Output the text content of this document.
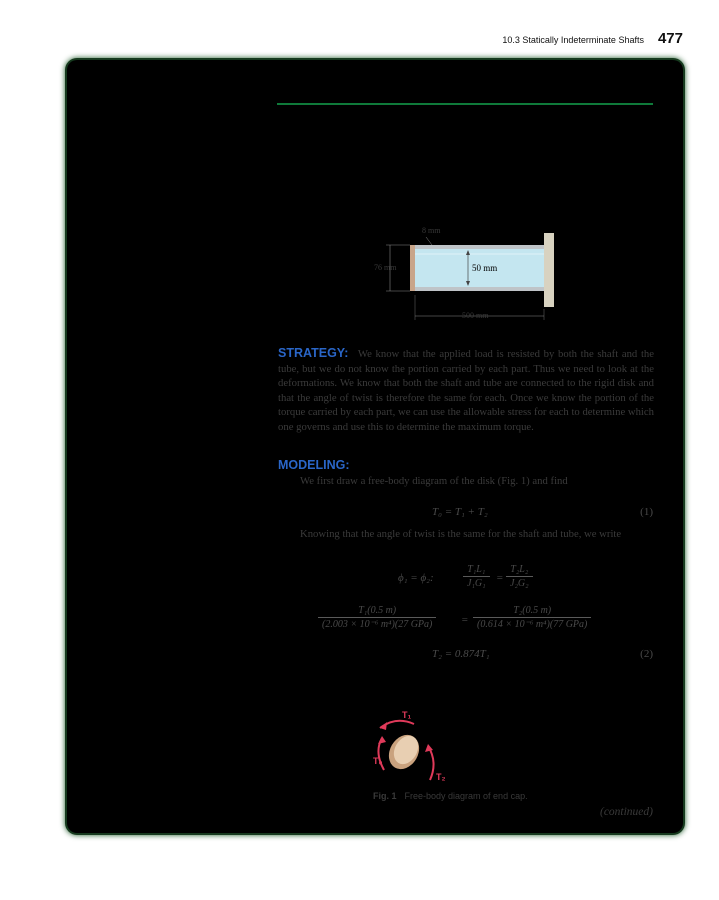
10.3 Statically Indeterminate Shafts 477
8 mm
76 mm	50 mm
500 mm
STRATEGY: We know that the applied load is resisted by both the shaft and the tube, but we do not know the portion carried by each part. Thus we need to look at the deformations. We know that both the shaft and tube are connected to the rigid disk and that the angle of twist is therefore the same for each. Once we know the portion of the torque carried by each part, we can use the allowable stress for each to determine which one governs and use this to determine the maximum torque.
MODELING:
We first draw a free-body diagram of the disk (Fig. 1) and find
T₀ = T₁ + T₂	(1)
Knowing that the angle of twist is the same for the shaft and tube, we write
ϕ₁ = ϕ₂:	$\frac{\text{T₁L₁}}{\text{J₁G₁}} = \frac{\text{T₂L₂}}{\text{J₂G₂}}$
T₁(0.5 m)
(2.003 × 10⁻⁶ m⁴)(27 GPa)	=
T₂(0.5 m)
(0.614 × 10⁻⁶ m⁴)(77 GPa)
T₂ = 0.874T₁	(2)
T₁
T₀
T₂
Fig. 1 Free-body diagram of end cap.
(continued)
